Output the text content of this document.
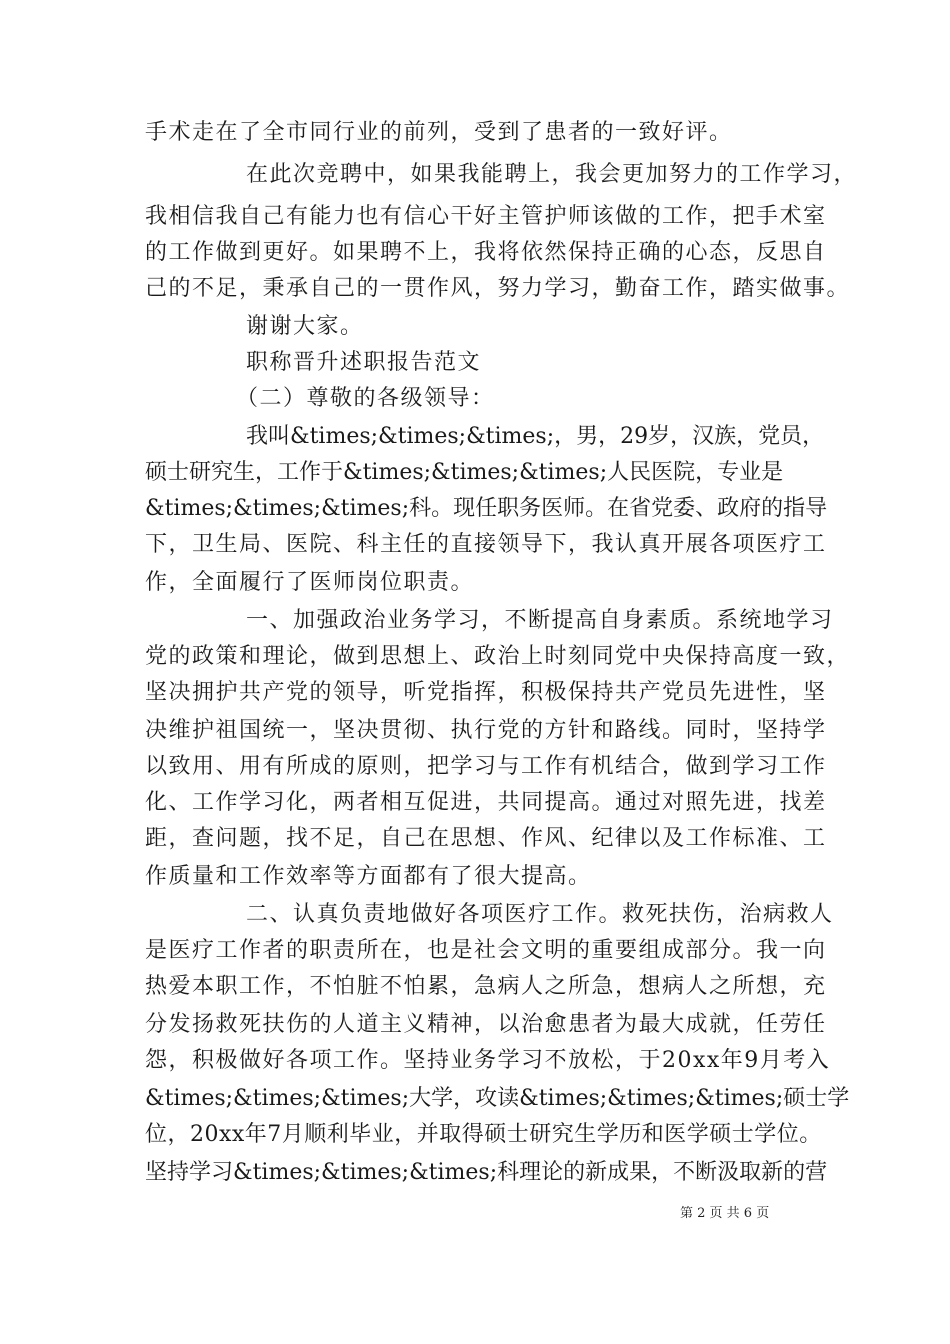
手术走在了全市同行业的前列，受到了患者的一致好评。
在此次竞聘中，如果我能聘上，我会更加努力的工作学习，
我相信我自己有能力也有信心干好主管护师该做的工作，把手术室
的工作做到更好。如果聘不上，我将依然保持正确的心态，反思自
己的不足，秉承自己的一贯作风，努力学习，勤奋工作，踏实做事。
谢谢大家。
职称晋升述职报告范文
（二）尊敬的各级领导：
我叫&times;&times;&times;，男，29岁，汉族，党员，
硕士研究生，工作于&times;&times;&times;人民医院，专业是
&times;&times;&times;科。现任职务医师。在省党委、政府的指导
下，卫生局、医院、科主任的直接领导下，我认真开展各项医疗工
作，全面履行了医师岗位职责。
一、加强政治业务学习，不断提高自身素质。系统地学习
党的政策和理论，做到思想上、政治上时刻同党中央保持高度一致，
坚决拥护共产党的领导，听党指挥，积极保持共产党员先进性，坚
决维护祖国统一，坚决贯彻、执行党的方针和路线。同时，坚持学
以致用、用有所成的原则，把学习与工作有机结合，做到学习工作
化、工作学习化，两者相互促进，共同提高。通过对照先进，找差
距，查问题，找不足，自己在思想、作风、纪律以及工作标准、工
作质量和工作效率等方面都有了很大提高。
二、认真负责地做好各项医疗工作。救死扶伤，治病救人
是医疗工作者的职责所在，也是社会文明的重要组成部分。我一向
热爱本职工作，不怕脏不怕累，急病人之所急，想病人之所想，充
分发扬救死扶伤的人道主义精神，以治愈患者为最大成就，任劳任
怨，积极做好各项工作。坚持业务学习不放松，于20xx年9月考入
&times;&times;&times;大学，攻读&times;&times;&times;硕士学
位，20xx年7月顺利毕业，并取得硕士研究生学历和医学硕士学位。
坚持学习&times;&times;&times;科理论的新成果，不断汲取新的营
第 2 页 共 6 页
